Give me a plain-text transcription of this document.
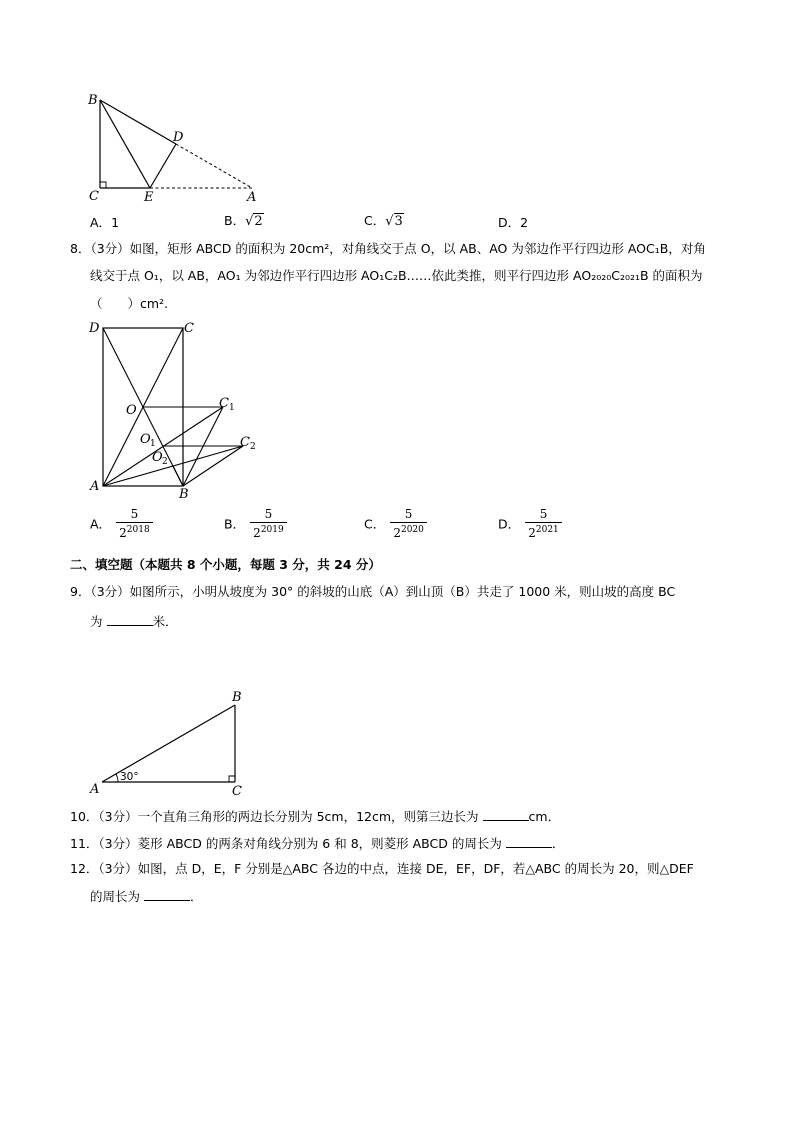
B
C
D
E	A
A．1	B．√2	C．√3	D．2
8．（3分）如图，矩形 ABCD 的面积为 20cm²，对角线交于点 O，以 AB、AO 为邻边作平行四边形 AOC₁B，对角
线交于点 O₁，以 AB，AO₁ 为邻边作平行四边形 AO₁C₂B……依此类推，则平行四边形 AO₂₀₂₀C₂₀₂₁B 的面积为
（　　）cm².
D	C
O	C 1
O 1	C 2
O 2
A
B
A． $\frac{5}{2^{2018}}$	B． $\frac{5}{2^{2019}}$	C． $\frac{5}{2^{2020}}$	D． $\frac{5}{2^{2021}}$
二、填空题（本题共 8 个小题，每题 3 分，共 24 分）
9．（3分）如图所示，小明从坡度为 30° 的斜坡的山底（A）到山顶（B）共走了 1000 米，则山坡的高度 BC
为	米．
B
A	C
30°
10．（3分）一个直角三角形的两边长分别为 5cm，12cm，则第三边长为	cm．
11．（3分）菱形 ABCD 的两条对角线分别为 6 和 8，则菱形 ABCD 的周长为	．
12．（3分）如图，点 D，E，F 分别是△ABC 各边的中点，连接 DE，EF，DF，若△ABC 的周长为 20，则△DEF
的周长为	．
